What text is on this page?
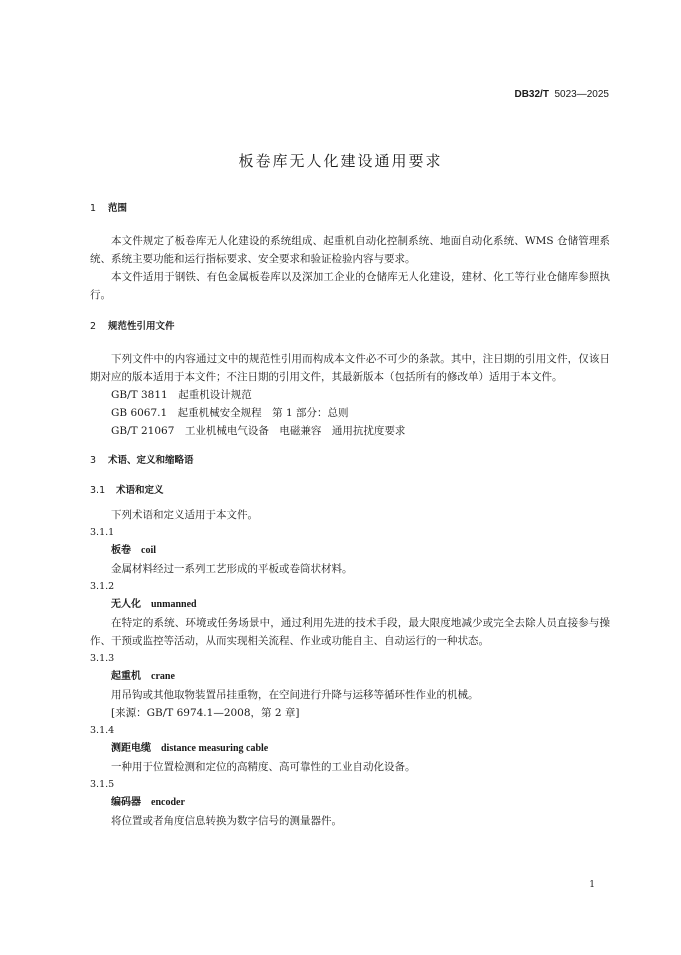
DB32/T 5023—2025
板卷库无人化建设通用要求
1 范围

本文件规定了板卷库无人化建设的系统组成、起重机自动化控制系统、地面自动化系统、WMS 仓储管理系统、系统主要功能和运行指标要求、安全要求和验证检验内容与要求。

本文件适用于钢铁、有色金属板卷库以及深加工企业的仓储库无人化建设，建材、化工等行业仓储库参照执行。

2 规范性引用文件

下列文件中的内容通过文中的规范性引用而构成本文件必不可少的条款。其中，注日期的引用文件，仅该日期对应的版本适用于本文件；不注日期的引用文件，其最新版本（包括所有的修改单）适用于本文件。

GB/T 3811　起重机设计规范
GB 6067.1　起重机械安全规程　第 1 部分：总则
GB/T 21067　工业机械电气设备　电磁兼容　通用抗扰度要求
3 术语、定义和缩略语
3.1 术语和定义

下列术语和定义适用于本文件。

3.1.1
板卷 coil

金属材料经过一系列工艺形成的平板或卷筒状材料。

3.1.2
无人化 unmanned

在特定的系统、环境或任务场景中，通过利用先进的技术手段，最大限度地减少或完全去除人员直接参与操作、干预或监控等活动，从而实现相关流程、作业或功能自主、自动运行的一种状态。

3.1.3
起重机 crane

用吊钩或其他取物装置吊挂重物，在空间进行升降与运移等循环性作业的机械。

[来源：GB/T 6974.1—2008，第 2 章]
3.1.4
测距电缆 distance measuring cable

一种用于位置检测和定位的高精度、高可靠性的工业自动化设备。

3.1.5
编码器 encoder

将位置或者角度信息转换为数字信号的测量器件。

1
